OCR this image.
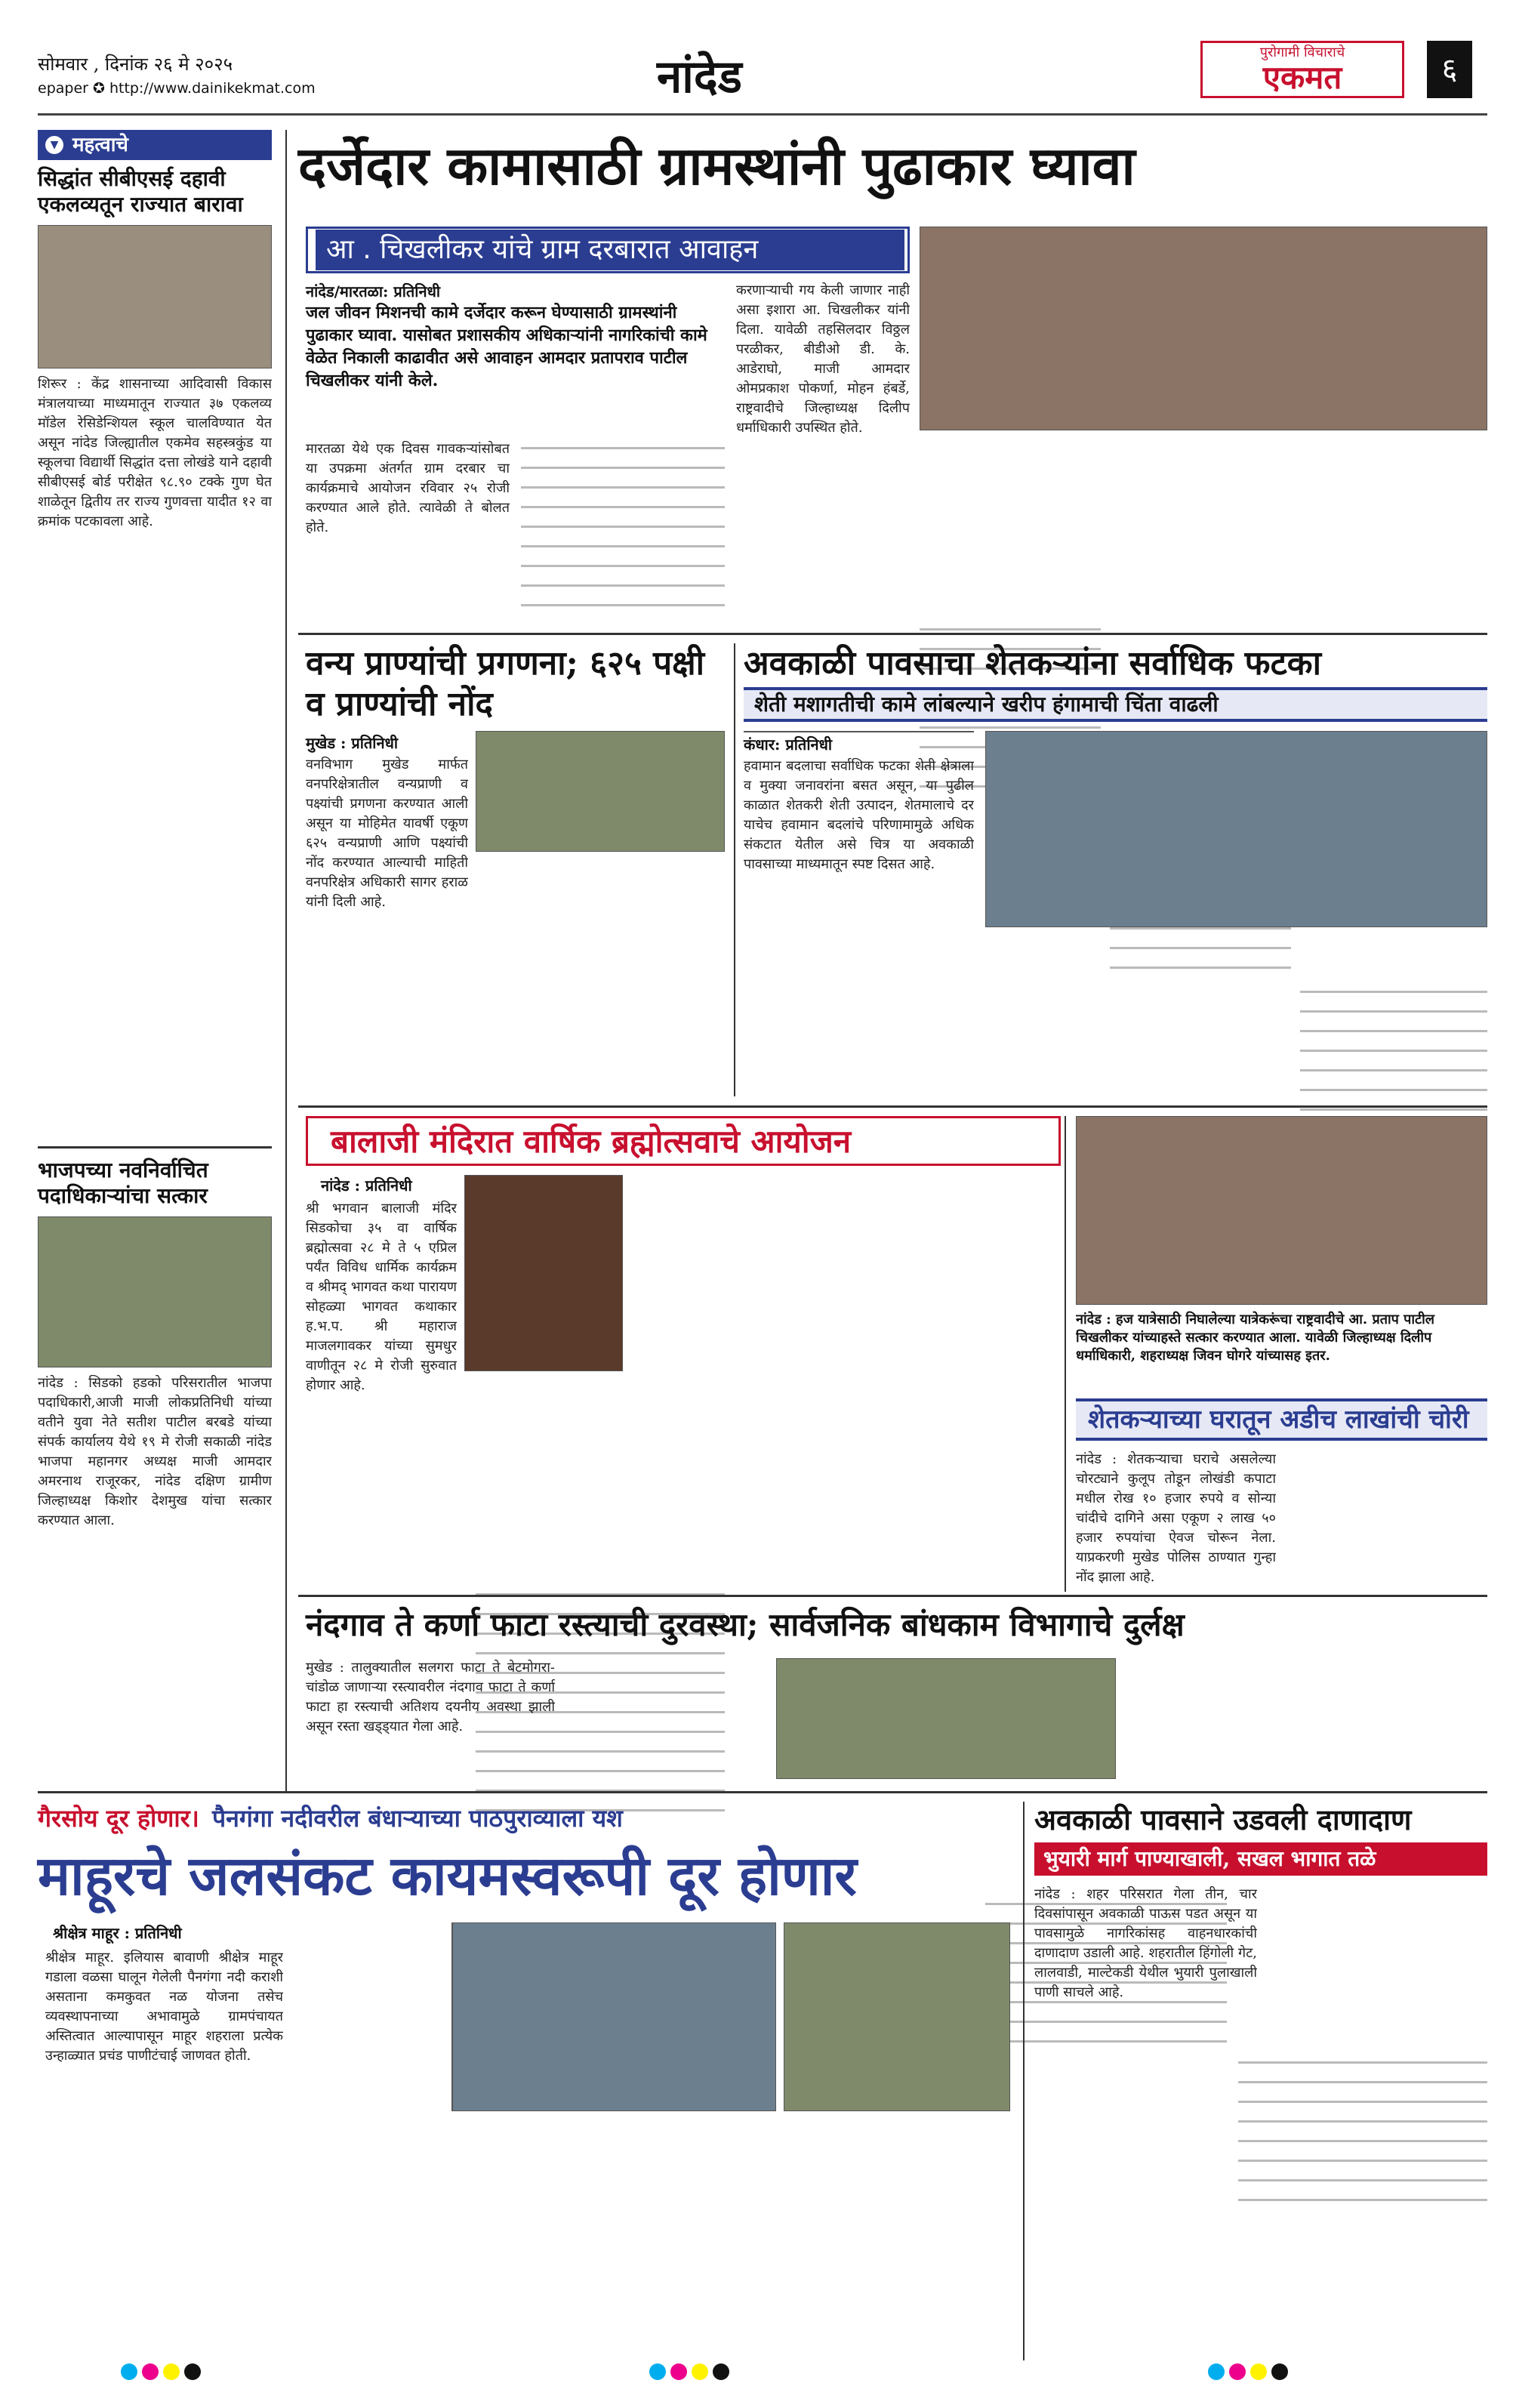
सोमवार , दिनांक २६ मे २०२५
epaper ✪ http://www.dainikekmat.com	नांदेड	पुरोगामी विचाराचे
एकमत	६
▼ महत्वाचे
सिद्धांत सीबीएसई दहावी एकलव्यतून राज्यात बारावा
शिरूर : केंद्र शासनाच्या आदिवासी विकास मंत्रालयाच्या माध्यमातून राज्यात ३७ एकलव्य मॉडेल रेसिडेन्शियल स्कूल चालविण्यात येत असून नांदेड जिल्ह्यातील एकमेव सहस्त्रकुंड या स्कूलचा विद्यार्थी सिद्धांत दत्ता लोखंडे याने दहावी सीबीएसई बोर्ड परीक्षेत ९८.९० टक्के गुण घेत शाळेतून द्वितीय तर राज्य गुणवत्ता यादीत १२ वा क्रमांक पटकावला आहे.
भाजपच्या नवनिर्वाचित पदाधिकाऱ्यांचा सत्कार
नांदेड : सिडको हडको परिसरातील भाजपा पदाधिकारी,आजी माजी लोकप्रतिनिधी यांच्या वतीने युवा नेते सतीश पाटील बरबडे यांच्या संपर्क कार्यालय येथे १९ मे रोजी सकाळी नांदेड भाजपा महानगर अध्यक्ष माजी आमदार अमरनाथ राजूरकर, नांदेड दक्षिण ग्रामीण जिल्हाध्यक्ष किशोर देशमुख यांचा सत्कार करण्यात आला.
दर्जेदार कामासाठी ग्रामस्थांनी पुढाकार घ्यावा
आ . चिखलीकर यांचे ग्राम दरबारात आवाहन
नांदेड/मारतळा: प्रतिनिधी
जल जीवन मिशनची कामे दर्जेदार करून घेण्यासाठी ग्रामस्थांनी पुढाकार घ्यावा. यासोबत प्रशासकीय अधिकाऱ्यांनी नागरिकांची कामे वेळेत निकाली काढावीत असे आवाहन आमदार प्रतापराव पाटील चिखलीकर यांनी केले.
मारतळा येथे एक दिवस गावकऱ्यांसोबत या उपक्रमा अंतर्गत ग्राम दरबार चा कार्यक्रमाचे आयोजन रविवार २५ रोजी करण्यात आले होते. त्यावेळी ते बोलत होते.
करणाऱ्याची गय केली जाणार नाही असा इशारा आ. चिखलीकर यांनी दिला. यावेळी तहसिलदार विठ्ठल परळीकर, बीडीओ डी. के. आडेराघो, माजी आमदार ओमप्रकाश पोकर्णा, मोहन हंबर्डे, राष्ट्रवादीचे जिल्हाध्यक्ष दिलीप धर्माधिकारी उपस्थित होते.
वन्य प्राण्यांची प्रगणना; ६२५ पक्षी व प्राण्यांची नोंद
मुखेड : प्रतिनिधी
वनविभाग मुखेड मार्फत वनपरिक्षेत्रातील वन्यप्राणी व पक्ष्यांची प्रगणना करण्यात आली असून या मोहिमेत यावर्षी एकूण ६२५ वन्यप्राणी आणि पक्ष्यांची नोंद करण्यात आल्याची माहिती वनपरिक्षेत्र अधिकारी सागर हराळ यांनी दिली आहे.
अवकाळी पावसाचा शेतकऱ्यांना सर्वाधिक फटका
शेती मशागतीची कामे लांबल्याने खरीप हंगामाची चिंता वाढली
कंधार: प्रतिनिधी
हवामान बदलाचा सर्वाधिक फटका शेती क्षेत्राला व मुक्या जनावरांना बसत असून, या पुढील काळात शेतकरी शेती उत्पादन, शेतमालाचे दर याचेच हवामान बदलांचे परिणामामुळे अधिक संकटात येतील असे चित्र या अवकाळी पावसाच्या माध्यमातून स्पष्ट दिसत आहे.
बालाजी मंदिरात वार्षिक ब्रह्मोत्सवाचे आयोजन
नांदेड : प्रतिनिधी
श्री भगवान बालाजी मंदिर सिडकोचा ३५ वा वार्षिक ब्रह्मोत्सवा २८ मे ते ५ एप्रिल पर्यंत विविध धार्मिक कार्यक्रम व श्रीमद् भागवत कथा पारायण सोहळ्या भागवत कथाकार ह.भ.प. श्री महाराज माजलगावकर यांच्या सुमधुर वाणीतून २८ मे रोजी सुरुवात होणार आहे.
नांदेड : हज यात्रेसाठी निघालेल्या यात्रेकरूंचा राष्ट्रवादीचे आ. प्रताप पाटील चिखलीकर यांच्याहस्ते सत्कार करण्यात आला. यावेळी जिल्हाध्यक्ष दिलीप धर्माधिकारी, शहराध्यक्ष जिवन घोगरे यांच्यासह इतर.
शेतकऱ्याच्या घरातून अडीच लाखांची चोरी
नांदेड : शेतकऱ्याचा घराचे असलेल्या चोरट्याने कुलूप तोडून लोखंडी कपाटा मधील रोख १० हजार रुपये व सोन्या चांदीचे दागिने असा एकूण २ लाख ५० हजार रुपयांचा ऐवज चोरून नेला. याप्रकरणी मुखेड पोलिस ठाण्यात गुन्हा नोंद झाला आहे.
नंदगाव ते कर्णा फाटा रस्त्याची दुरवस्था; सार्वजनिक बांधकाम विभागाचे दुर्लक्ष
मुखेड : तालुक्यातील सलगरा फाटा ते बेटमोगरा-चांडोळ जाणाऱ्या रस्त्यावरील नंदगाव फाटा ते कर्णा फाटा हा रस्त्याची अतिशय दयनीय अवस्था झाली असून रस्ता खड्ड्यात गेला आहे.
गैरसोय दूर होणार। पैनगंगा नदीवरील बंधाऱ्याच्या पाठपुराव्याला यश
माहूरचे जलसंकट कायमस्वरूपी दूर होणार
श्रीक्षेत्र माहूर : प्रतिनिधी
श्रीक्षेत्र माहूर. इलियास बावाणी श्रीक्षेत्र माहूर गडाला वळसा घालून गेलेली पैनगंगा नदी कराशी असताना कमकुवत नळ योजना तसेच व्यवस्थापनाच्या अभावामुळे ग्रामपंचायत अस्तित्वात आल्यापासून माहूर शहराला प्रत्येक उन्हाळ्यात प्रचंड पाणीटंचाई जाणवत होती.
अवकाळी पावसाने उडवली दाणादाण
भुयारी मार्ग पाण्याखाली, सखल भागात तळे
नांदेड : शहर परिसरात गेला तीन, चार दिवसांपासून अवकाळी पाऊस पडत असून या पावसामुळे नागरिकांसह वाहनधारकांची दाणादाण उडाली आहे. शहरातील हिंगोली गेट, लालवाडी, माल्टेकडी येथील भुयारी पुलाखाली पाणी साचले आहे.
